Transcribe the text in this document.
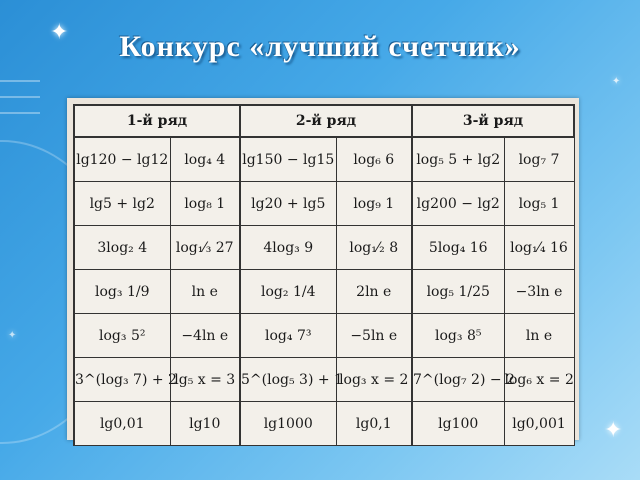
✦
✦
✦
✦
Конкурс «лучший счетчик»
1-й ряд		2-й ряд		3-й ряд	
lg120 − lg12	log₄ 4	lg150 − lg15	log₆ 6	log₅ 5 + lg2	log₇ 7
lg5 + lg2	log₈ 1	lg20 + lg5	log₉ 1	lg200 − lg2	log₅ 1
3log₂ 4	log₁⁄₃ 27	4log₃ 9	log₁⁄₂ 8	5log₄ 16	log₁⁄₄ 16
log₃ 1/9	ln e	log₂ 1/4	2ln e	log₅ 1/25	−3ln e
log₃ 5²	−4ln e	log₄ 7³	−5ln e	log₃ 8⁵	ln e
3^(log₃ 7) + 2	lg₅ x = 3	5^(log₅ 3) + 1	log₃ x = 2	7^(log₇ 2) − 2	log₆ x = 2
lg0,01	lg10	lg1000	lg0,1	lg100	lg0,001
